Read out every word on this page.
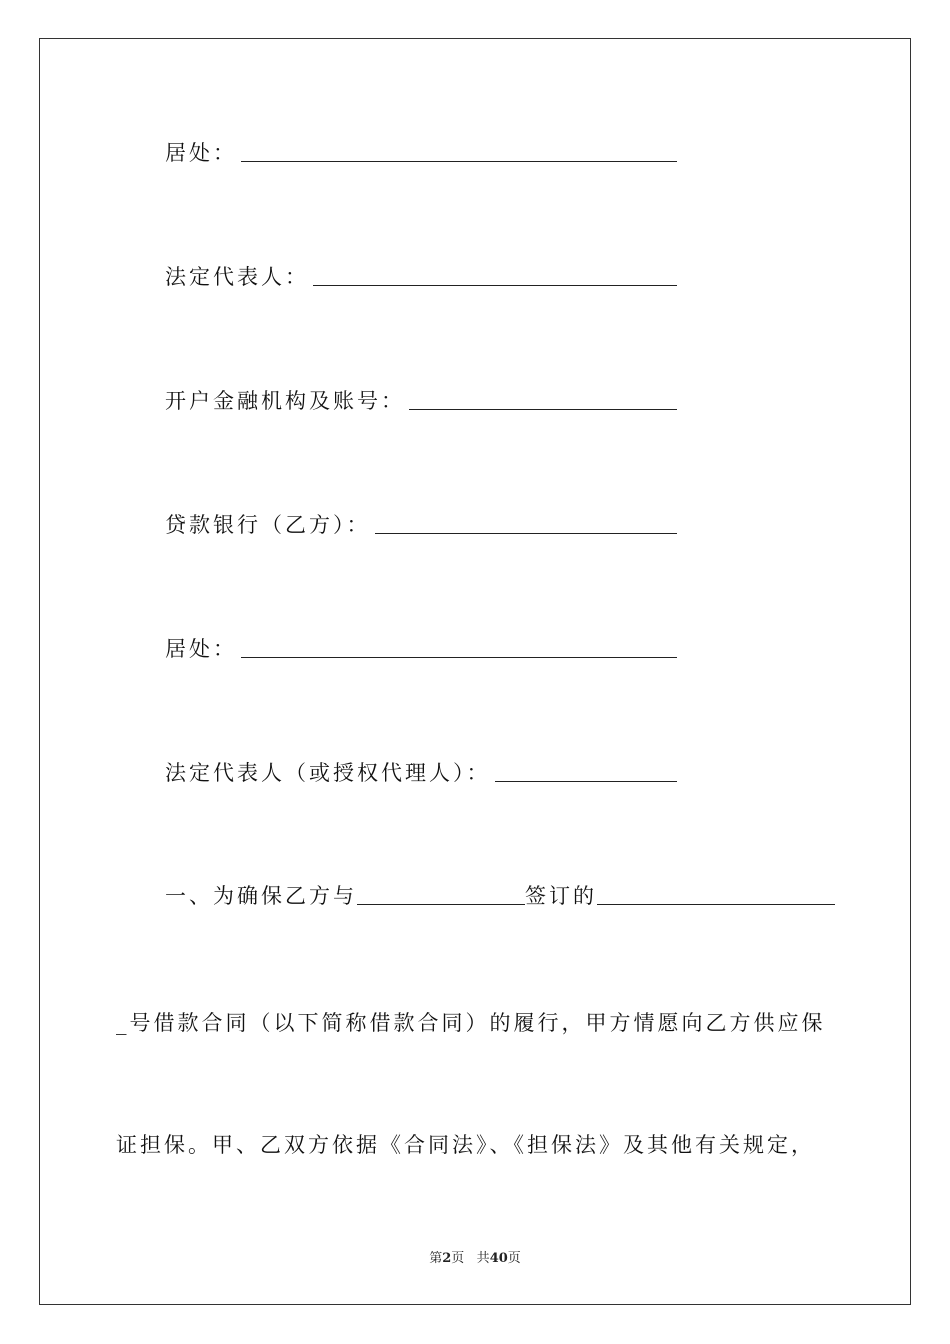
居处：
法定代表人：
开户金融机构及账号：
贷款银行（乙方）：
居处：
法定代表人（或授权代理人）：
一、为确保乙方与	签订的
_号借款合同（以下简称借款合同）的履行，甲方情愿向乙方供应保
证担保。甲、乙双方依据《合同法》、《担保法》及其他有关规定，
第2页 共40页
